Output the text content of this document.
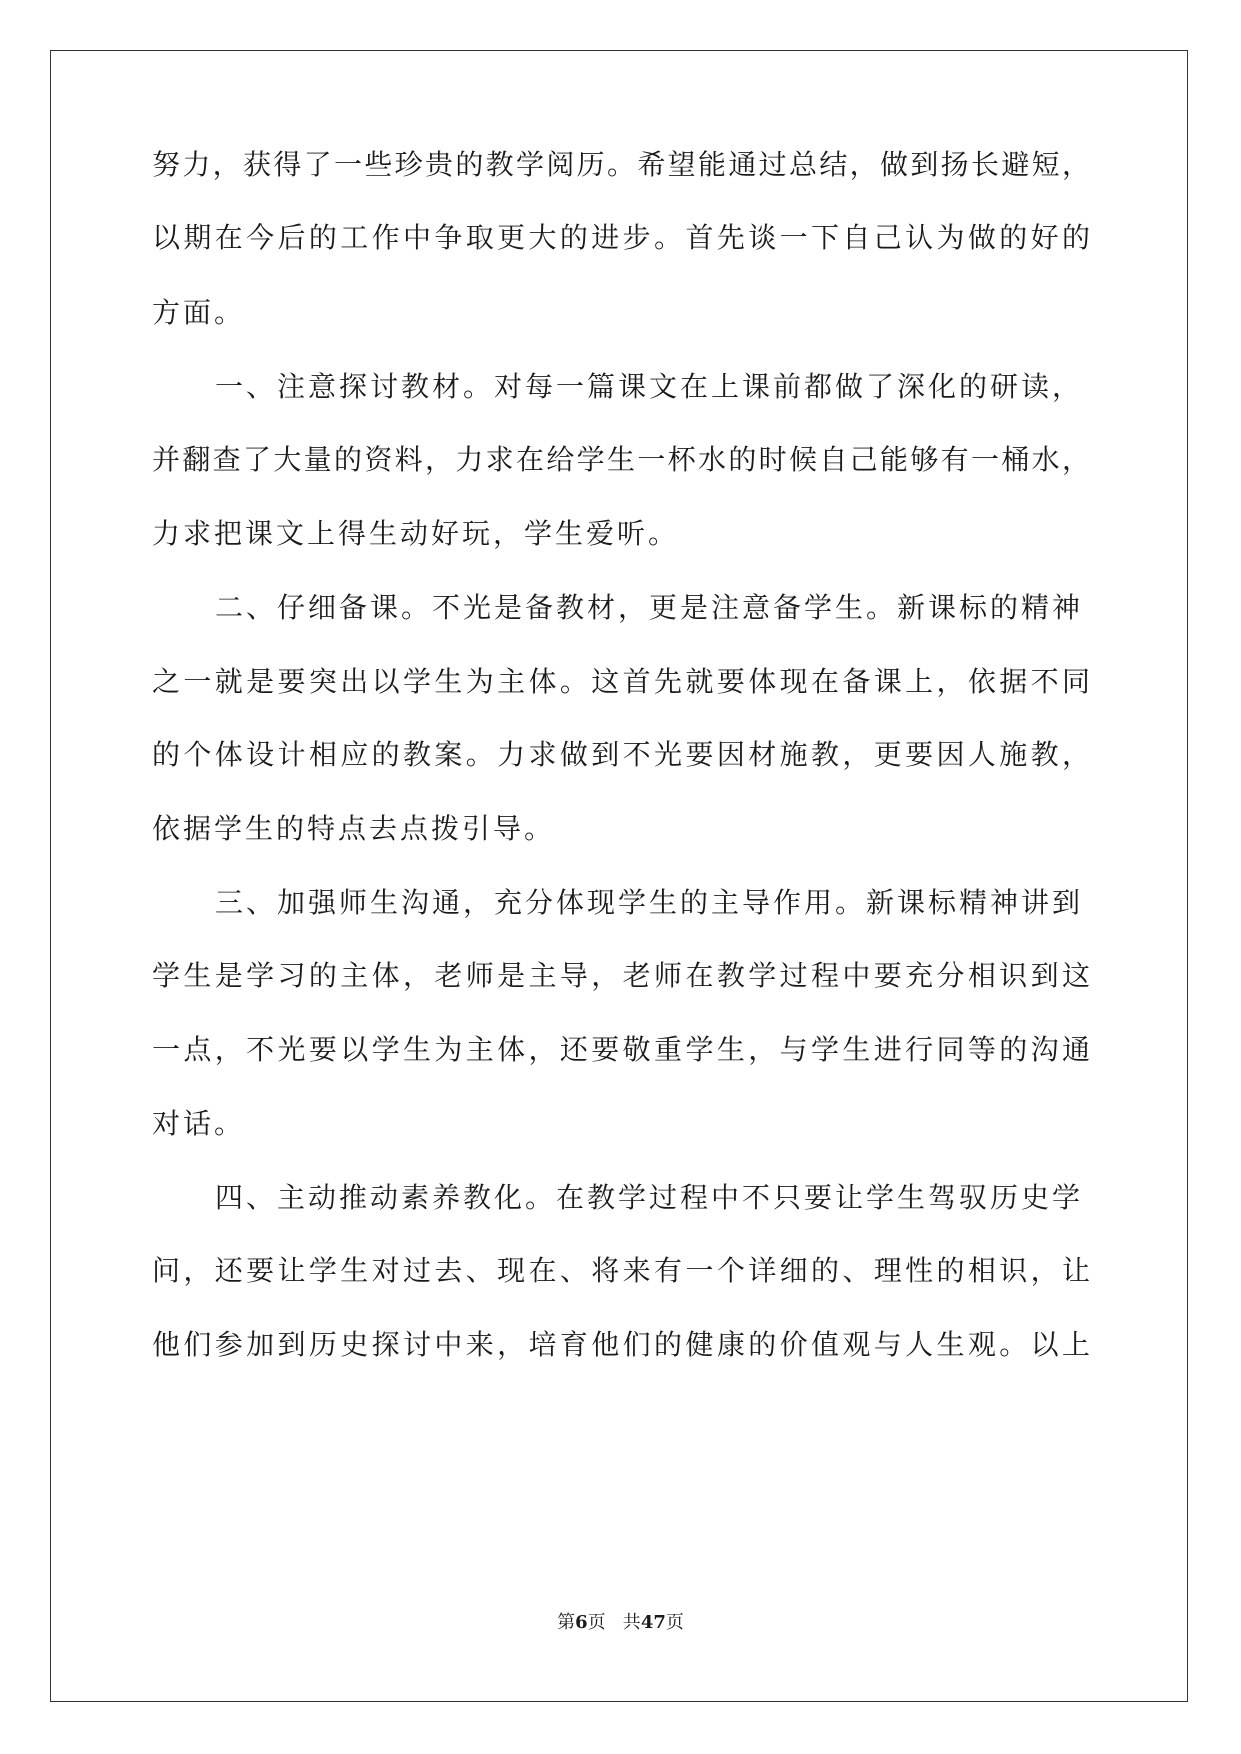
努力，获得了一些珍贵的教学阅历。希望能通过总结，做到扬长避短，
以期在今后的工作中争取更大的进步。首先谈一下自己认为做的好的
方面。
一、注意探讨教材。对每一篇课文在上课前都做了深化的研读，
并翻查了大量的资料，力求在给学生一杯水的时候自己能够有一桶水，
力求把课文上得生动好玩，学生爱听。
二、仔细备课。不光是备教材，更是注意备学生。新课标的精神
之一就是要突出以学生为主体。这首先就要体现在备课上，依据不同
的个体设计相应的教案。力求做到不光要因材施教，更要因人施教，
依据学生的特点去点拨引导。
三、加强师生沟通，充分体现学生的主导作用。新课标精神讲到
学生是学习的主体，老师是主导，老师在教学过程中要充分相识到这
一点，不光要以学生为主体，还要敬重学生，与学生进行同等的沟通
对话。
四、主动推动素养教化。在教学过程中不只要让学生驾驭历史学
问，还要让学生对过去、现在、将来有一个详细的、理性的相识，让
他们参加到历史探讨中来，培育他们的健康的价值观与人生观。以上
第6页   共47页
